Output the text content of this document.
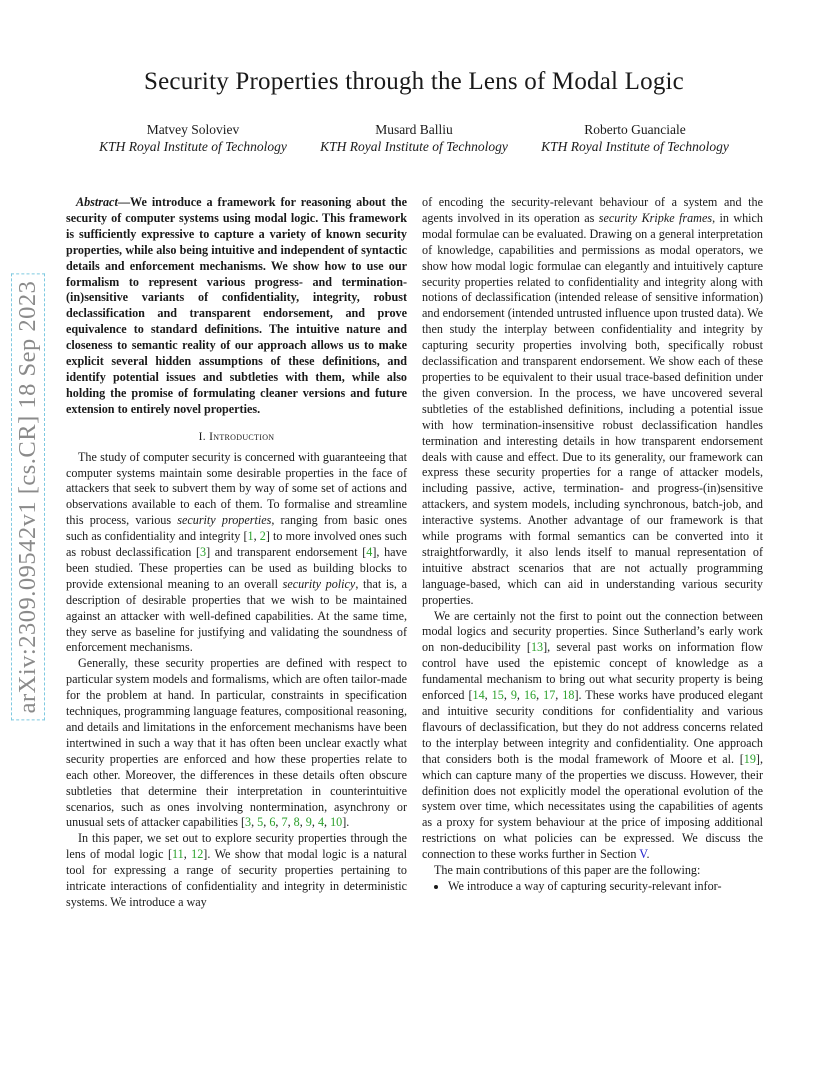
Security Properties through the Lens of Modal Logic
Matvey Soloviev
KTH Royal Institute of Technology
Musard Balliu
KTH Royal Institute of Technology
Roberto Guanciale
KTH Royal Institute of Technology
arXiv:2309.09542v1 [cs.CR] 18 Sep 2023

Abstract—We introduce a framework for reasoning about the security of computer systems using modal logic. This framework is sufficiently expressive to capture a variety of known security properties, while also being intuitive and independent of syntactic details and enforcement mechanisms. We show how to use our formalism to represent various progress- and termination-(in)sensitive variants of confidentiality, integrity, robust declassification and transparent endorsement, and prove equivalence to standard definitions. The intuitive nature and closeness to semantic reality of our approach allows us to make explicit several hidden assumptions of these definitions, and identify potential issues and subtleties with them, while also holding the promise of formulating cleaner versions and future extension to entirely novel properties.

I. Introduction

The study of computer security is concerned with guaranteeing that computer systems maintain some desirable properties in the face of attackers that seek to subvert them by way of some set of actions and observations available to each of them. To formalise and streamline this process, various security properties, ranging from basic ones such as confidentiality and integrity [1, 2] to more involved ones such as robust declassification [3] and transparent endorsement [4], have been studied. These properties can be used as building blocks to provide extensional meaning to an overall security policy, that is, a description of desirable properties that we wish to be maintained against an attacker with well-defined capabilities. At the same time, they serve as baseline for justifying and validating the soundness of enforcement mechanisms.

Generally, these security properties are defined with respect to particular system models and formalisms, which are often tailor-made for the problem at hand. In particular, constraints in specification techniques, programming language features, compositional reasoning, and details and limitations in the enforcement mechanisms have been intertwined in such a way that it has often been unclear exactly what security properties are enforced and how these properties relate to each other. Moreover, the differences in these details often obscure subtleties that determine their interpretation in counterintuitive scenarios, such as ones involving nontermination, asynchrony or unusual sets of attacker capabilities [3, 5, 6, 7, 8, 9, 4, 10].

In this paper, we set out to explore security properties through the lens of modal logic [11, 12]. We show that modal logic is a natural tool for expressing a range of security properties pertaining to intricate interactions of confidentiality and integrity in deterministic systems. We introduce a way

of encoding the security-relevant behaviour of a system and the agents involved in its operation as security Kripke frames, in which modal formulae can be evaluated. Drawing on a general interpretation of knowledge, capabilities and permissions as modal operators, we show how modal logic formulae can elegantly and intuitively capture security properties related to confidentiality and integrity along with notions of declassification (intended release of sensitive information) and endorsement (intended untrusted influence upon trusted data). We then study the interplay between confidentiality and integrity by capturing security properties involving both, specifically robust declassification and transparent endorsement. We show each of these properties to be equivalent to their usual trace-based definition under the given conversion. In the process, we have uncovered several subtleties of the established definitions, including a potential issue with how termination-insensitive robust declassification handles termination and interesting details in how transparent endorsement deals with cause and effect. Due to its generality, our framework can express these security properties for a range of attacker models, including passive, active, termination- and progress-(in)sensitive attackers, and system models, including synchronous, batch-job, and interactive systems. Another advantage of our framework is that while programs with formal semantics can be converted into it straightforwardly, it also lends itself to manual representation of intuitive abstract scenarios that are not actually programming language-based, which can aid in understanding various security properties.

We are certainly not the first to point out the connection between modal logics and security properties. Since Sutherland’s early work on non-deducibility [13], several past works on information flow control have used the epistemic concept of knowledge as a fundamental mechanism to bring out what security property is being enforced [14, 15, 9, 16, 17, 18]. These works have produced elegant and intuitive security conditions for confidentiality and various flavours of declassification, but they do not address concerns related to the interplay between integrity and confidentiality. One approach that considers both is the modal framework of Moore et al. [19], which can capture many of the properties we discuss. However, their definition does not explicitly model the operational evolution of the system over time, which necessitates using the capabilities of agents as a proxy for system behaviour at the price of imposing additional restrictions on what policies can be expressed. We discuss the connection to these works further in Section V.

The main contributions of this paper are the following:

• We introduce a way of capturing security-relevant infor-
